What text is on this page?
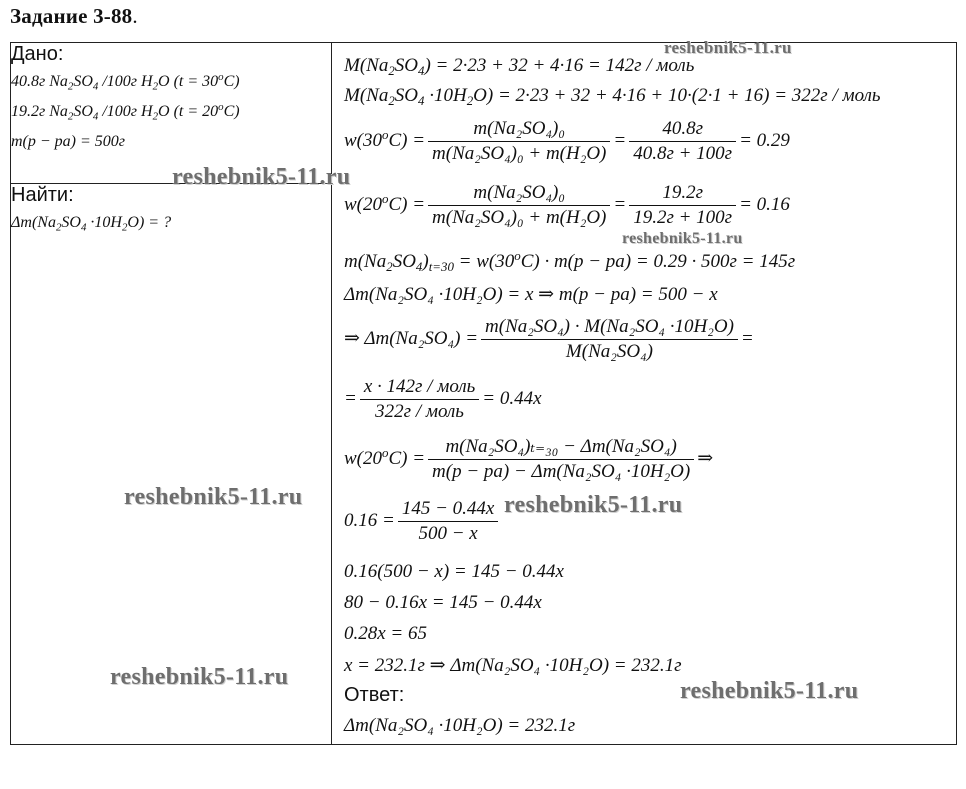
Задание 3-88.
Дано:
40.8г $Na_2SO_4$ /100г $H_2O$ $(t = 30^oC)$
19.2г $Na_2SO_4$ /100г $H_2O$ $(t = 20^oC)$
m(p − pa) = 500г

$M(Na_2SO_4) = 2\cdot 23 + 32 + 4\cdot 16 = 142г$ / моль
$M(Na_2SO_4 \cdot 10H_2O) = 2\cdot 23 + 32 + 4\cdot 16 + 10\cdot(2\cdot 1 + 16) = 322г$ / моль
$w(30^oC) = \frac{\text{m(Na₂SO₄)₀}}{\text{m(Na₂SO₄)₀ + m(H₂O)}} = \frac{40.8г}{40.8г + 100г} = 0.29$
$w(20^oC) = \frac{\text{m(Na₂SO₄)₀}}{\text{m(Na₂SO₄)₀ + m(H₂O)}} = \frac{19.2г}{19.2г + 100г} = 0.16$
$m(Na_2SO_4)_{t=30} = w(30^oC) \cdot m(p - pa) = 0.29 \cdot 500г = 145г$
Δm(Na₂SO₄ ·10H₂O) = x ⇒ m(p − pa) = 500 − x
⇒ $\Delta m(Na_2SO_4) = \frac{\text{m(Na₂SO₄) · M(Na₂SO₄ ·10H₂O)}}{\text{M(Na₂SO₄)}}$ =
= $\frac{\text{x · 142г / моль}}{\text{322г / моль}} = 0.44x$
$w(20^oC) = \frac{\text{m(Na₂SO₄)ₜ₌₃₀ − Δm(Na₂SO₄)}}{\text{m(p − pa) − Δm(Na₂SO₄ ·10H₂O)}}$ ⇒
$0.16 = \frac{145 - 0.44x}{500 - x}$
0.16(500 − x) = 145 − 0.44x
80 − 0.16x = 145 − 0.44x
0.28x = 65
x = 232.1г ⇒ Δm(Na₂SO₄ ·10H₂O) = 232.1г
Ответ:
Δm(Na₂SO₄ ·10H₂O) = 232.1г

Найти:
$\Delta m(Na_2SO_4 \cdot 10H_2O)$ = ?
reshebnik5-11.ru
reshebnik5-11.ru
reshebnik5-11.ru
reshebnik5-11.ru	reshebnik5-11.ru
reshebnik5-11.ru
reshebnik5-11.ru
